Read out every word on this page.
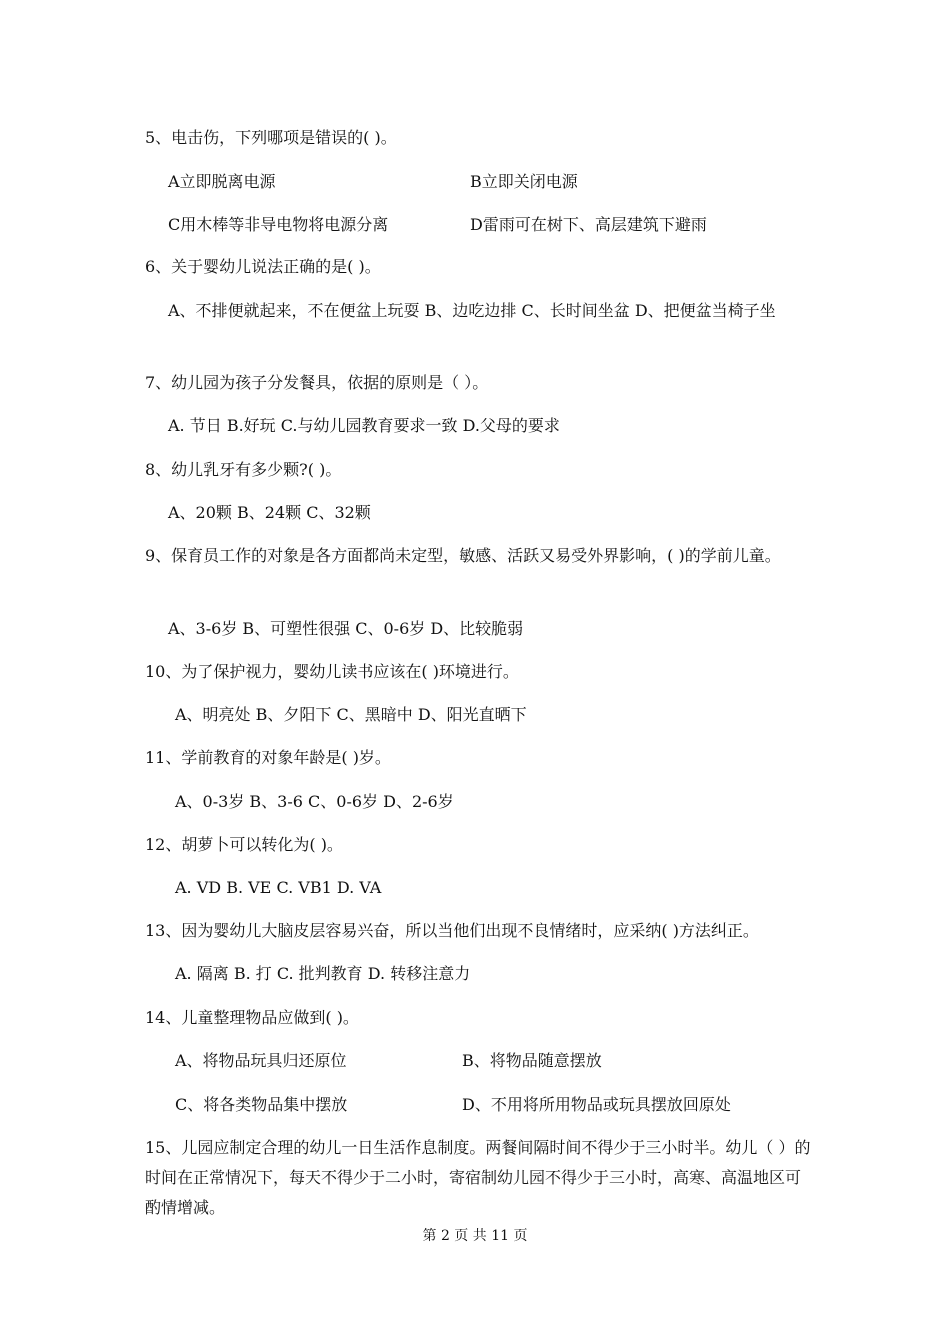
5、电击伤，下列哪项是错误的( )。
A立即脱离电源	B立即关闭电源
C用木棒等非导电物将电源分离	D雷雨可在树下、高层建筑下避雨
6、关于婴幼儿说法正确的是( )。
A、不排便就起来，不在便盆上玩耍 B、边吃边排 C、长时间坐盆 D、把便盆当椅子坐
7、幼儿园为孩子分发餐具，依据的原则是（ ）。
A. 节日 B.好玩 C.与幼儿园教育要求一致 D.父母的要求
8、幼儿乳牙有多少颗?( )。
A、20颗 B、24颗 C、32颗
9、保育员工作的对象是各方面都尚未定型，敏感、活跃又易受外界影响，( )的学前儿童。
A、3-6岁 B、可塑性很强 C、0-6岁 D、比较脆弱
10、为了保护视力，婴幼儿读书应该在( )环境进行。
A、明亮处 B、夕阳下 C、黑暗中 D、阳光直晒下
11、学前教育的对象年龄是( )岁。
A、0-3岁 B、3-6 C、0-6岁 D、2-6岁
12、胡萝卜可以转化为( )。
A. VD B. VE C. VB1 D. VA
13、因为婴幼儿大脑皮层容易兴奋，所以当他们出现不良情绪时，应采纳( )方法纠正。
A. 隔离 B. 打 C. 批判教育 D. 转移注意力
14、儿童整理物品应做到( )。
A、将物品玩具归还原位	B、将物品随意摆放
C、将各类物品集中摆放	D、不用将所用物品或玩具摆放回原处
15、儿园应制定合理的幼儿一日生活作息制度。两餐间隔时间不得少于三小时半。幼儿（ ）的时间在正常情况下，每天不得少于二小时，寄宿制幼儿园不得少于三小时，高寒、高温地区可酌情增减。
第 2 页 共 11 页
